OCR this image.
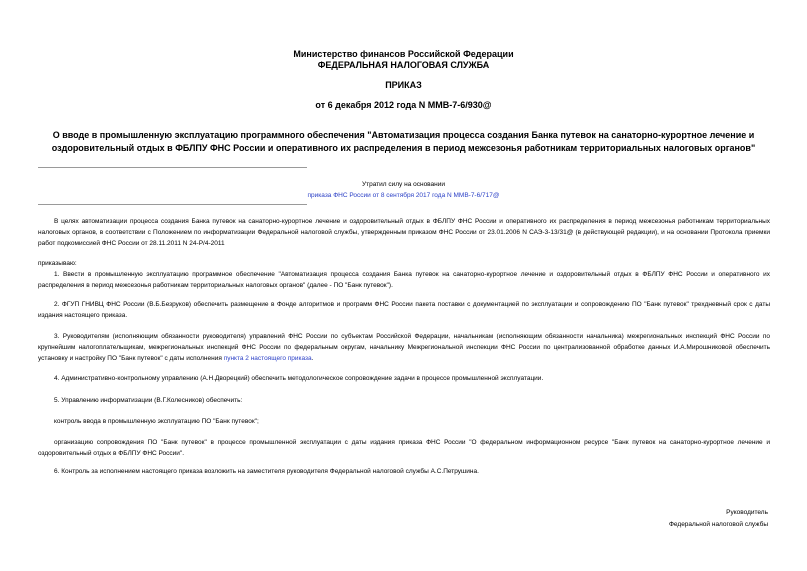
Министерство финансов Российской Федерации
ФЕДЕРАЛЬНАЯ НАЛОГОВАЯ СЛУЖБА
ПРИКАЗ
от 6 декабря 2012 года N ММВ-7-6/930@
О вводе в промышленную эксплуатацию программного обеспечения "Автоматизация процесса создания Банка путевок на санаторно-курортное лечение и оздоровительный отдых в ФБЛПУ ФНС России и оперативного их распределения в период межсезонья работникам территориальных налоговых органов"
Утратил силу на основании
приказа ФНС России от 8 сентября 2017 года N ММВ-7-6/717@
В целях автоматизации процесса создания Банка путевок на санаторно-курортное лечение и оздоровительный отдых в ФБЛПУ ФНС России и оперативного их распределения в период межсезонья работникам территориальных налоговых органов, в соответствии с Положением по информатизации Федеральной налоговой службы, утвержденным приказом ФНС России от 23.01.2006 N САЭ-3-13/31@ (в действующей редакции), и на основании Протокола приемки работ подкомиссией ФНС России от 28.11.2011 N 24-Р/4-2011
приказываю:
1. Ввести в промышленную эксплуатацию программное обеспечение "Автоматизация процесса создания Банка путевок на санаторно-курортное лечение и оздоровительный отдых в ФБЛПУ ФНС России и оперативного их распределения в период межсезонья работникам территориальных налоговых органов" (далее - ПО "Банк путевок").
2. ФГУП ГНИВЦ ФНС России (В.Б.Безруков) обеспечить размещение в Фонде алгоритмов и программ ФНС России пакета поставки с документацией по эксплуатации и сопровождению ПО "Банк путевок" трехдневный срок с даты издания настоящего приказа.
3. Руководителям (исполняющим обязанности руководителя) управлений ФНС России по субъектам Российской Федерации, начальникам (исполняющим обязанности начальника) межрегиональных инспекций ФНС России по крупнейшим налогоплательщикам, межрегиональных инспекций ФНС России по федеральным округам, начальнику Межрегиональной инспекции ФНС России по централизованной обработке данных И.А.Мирошниковой обеспечить установку и настройку ПО "Банк путевок" с даты исполнения пункта 2 настоящего приказа.
4. Административно-контрольному управлению (А.Н.Дворецкий) обеспечить методологическое сопровождение задачи в процессе промышленной эксплуатации.
5. Управлению информатизации (В.Г.Колесников) обеспечить:
контроль ввода в промышленную эксплуатацию ПО "Банк путевок";
организацию сопровождения ПО "Банк путевок" в процессе промышленной эксплуатации с даты издания приказа ФНС России "О федеральном информационном ресурсе "Банк путевок на санаторно-курортное лечение и оздоровительный отдых в ФБЛПУ ФНС России".
6. Контроль за исполнением настоящего приказа возложить на заместителя руководителя Федеральной налоговой службы А.С.Петрушина.
Руководитель
Федеральной налоговой службы
